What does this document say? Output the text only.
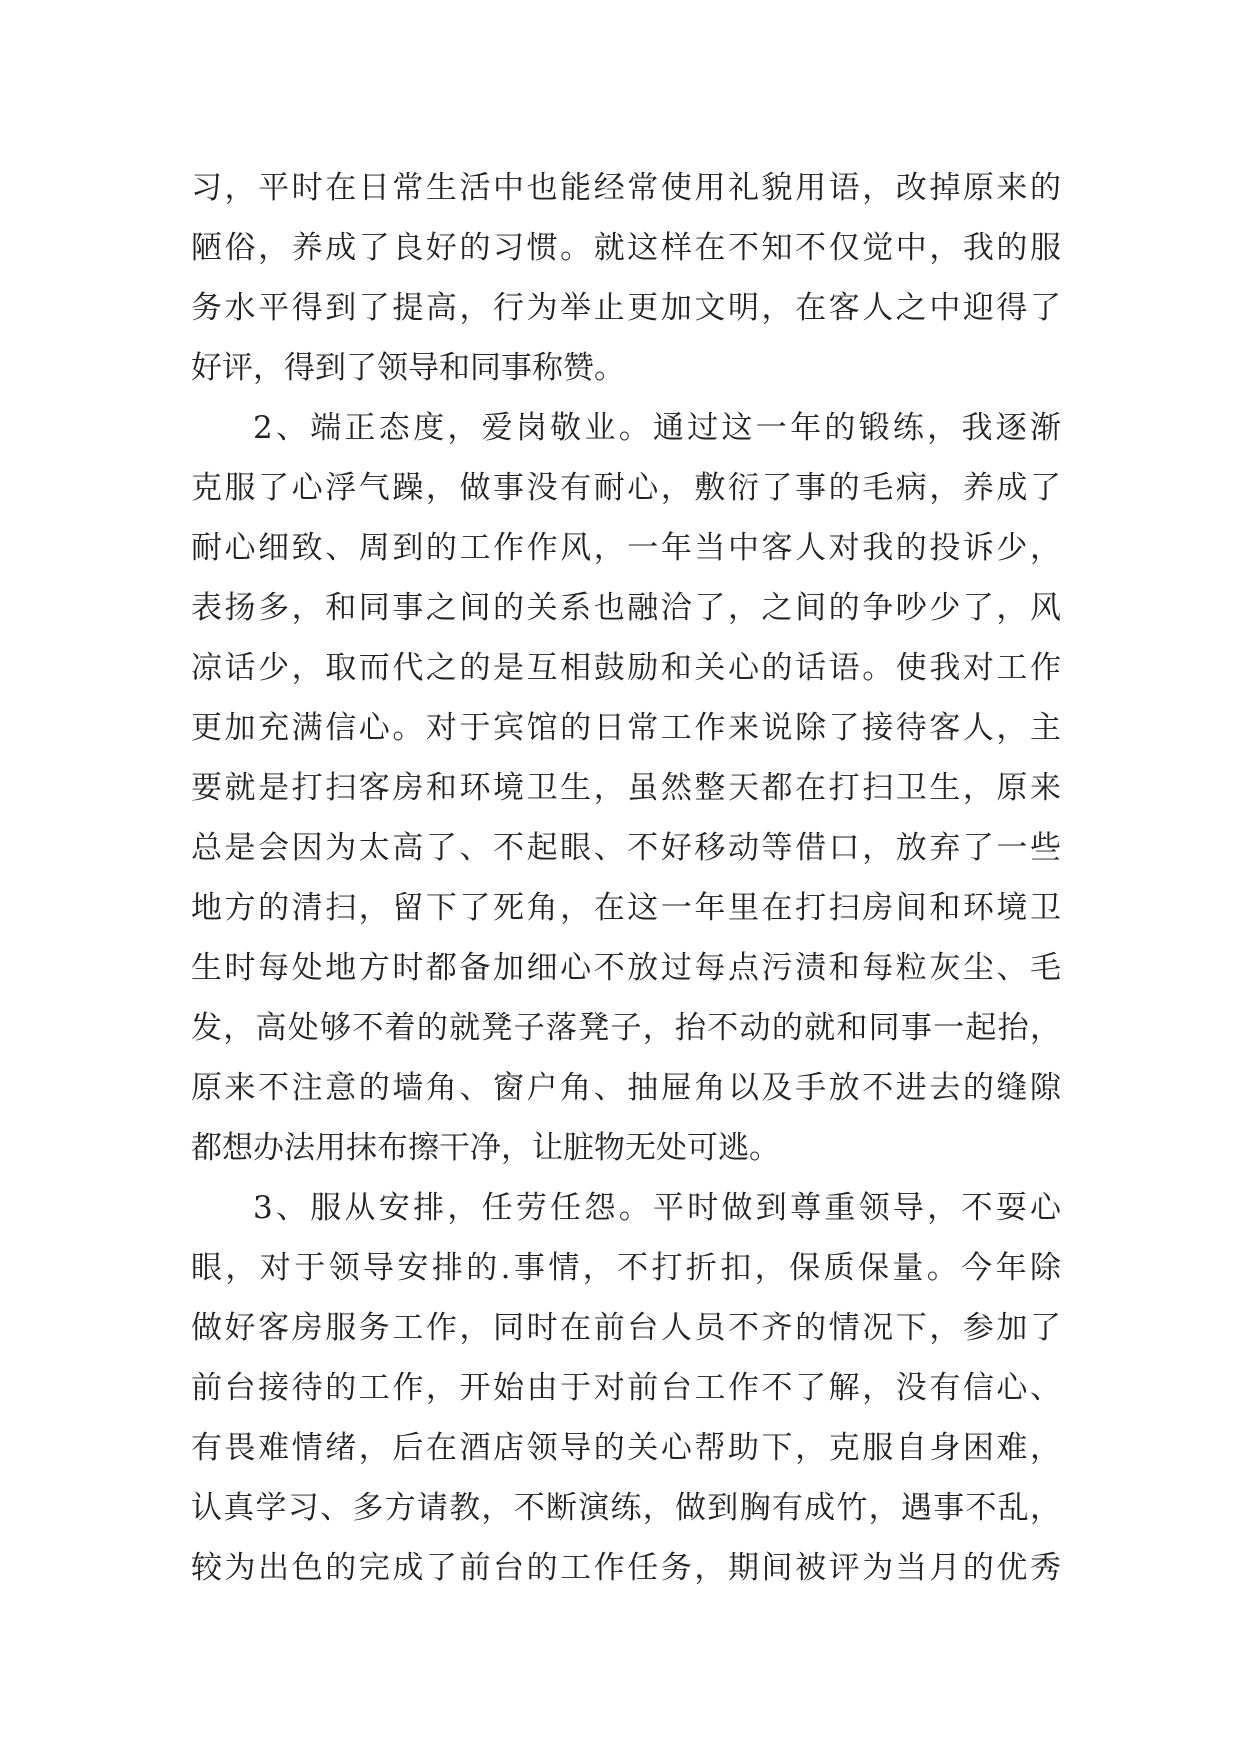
习，平时在日常生活中也能经常使用礼貌用语，改掉原来的
陋俗，养成了良好的习惯。就这样在不知不仅觉中，我的服
务水平得到了提高，行为举止更加文明，在客人之中迎得了
好评，得到了领导和同事称赞。
2、端正态度，爱岗敬业。通过这一年的锻练，我逐渐
克服了心浮气躁，做事没有耐心，敷衍了事的毛病，养成了
耐心细致、周到的工作作风，一年当中客人对我的投诉少，
表扬多，和同事之间的关系也融洽了，之间的争吵少了，风
凉话少，取而代之的是互相鼓励和关心的话语。使我对工作
更加充满信心。对于宾馆的日常工作来说除了接待客人，主
要就是打扫客房和环境卫生，虽然整天都在打扫卫生，原来
总是会因为太高了、不起眼、不好移动等借口，放弃了一些
地方的清扫，留下了死角，在这一年里在打扫房间和环境卫
生时每处地方时都备加细心不放过每点污渍和每粒灰尘、毛
发，高处够不着的就凳子落凳子，抬不动的就和同事一起抬，
原来不注意的墙角、窗户角、抽屉角以及手放不进去的缝隙
都想办法用抹布擦干净，让脏物无处可逃。
3、服从安排，任劳任怨。平时做到尊重领导，不耍心
眼，对于领导安排的.事情，不打折扣，保质保量。今年除
做好客房服务工作，同时在前台人员不齐的情况下，参加了
前台接待的工作，开始由于对前台工作不了解，没有信心、
有畏难情绪，后在酒店领导的关心帮助下，克服自身困难，
认真学习、多方请教，不断演练，做到胸有成竹，遇事不乱，
较为出色的完成了前台的工作任务，期间被评为当月的优秀
